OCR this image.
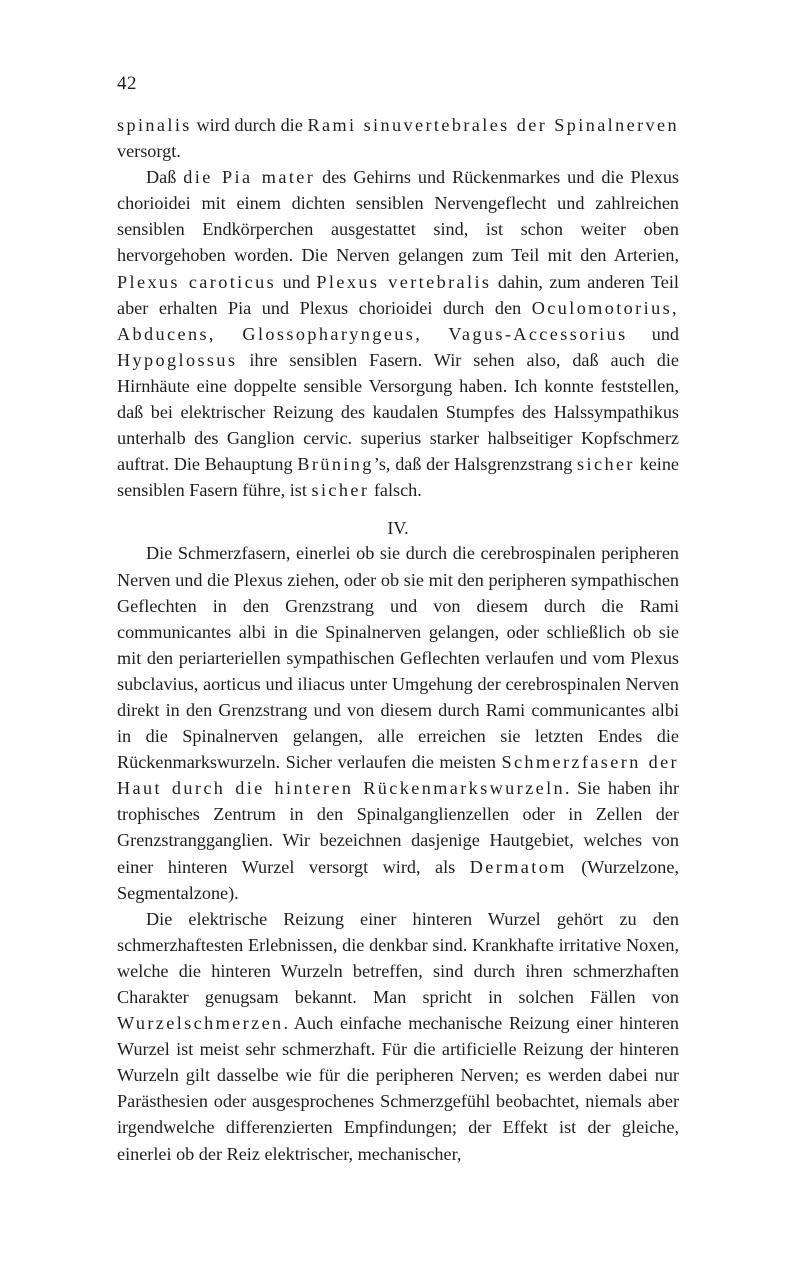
42

spinalis wird durch die Rami sinuvertebrales der Spinalnerven versorgt.

Daß die Pia mater des Gehirns und Rückenmarkes und die Plexus chorioidei mit einem dichten sensiblen Nervengeflecht und zahlreichen sensiblen Endkörperchen ausgestattet sind, ist schon weiter oben hervorgehoben worden. Die Nerven gelangen zum Teil mit den Arterien, Plexus caroticus und Plexus vertebralis dahin, zum anderen Teil aber erhalten Pia und Plexus chorioidei durch den Oculomotorius, Abducens, Glossopharyngeus, Vagus-Accessorius und Hypoglossus ihre sensiblen Fasern. Wir sehen also, daß auch die Hirnhäute eine doppelte sensible Versorgung haben. Ich konnte feststellen, daß bei elektrischer Reizung des kaudalen Stumpfes des Halssympathikus unterhalb des Ganglion cervic. superius starker halbseitiger Kopfschmerz auftrat. Die Behauptung Brüning’s, daß der Halsgrenzstrang sicher keine sensiblen Fasern führe, ist sicher falsch.

IV.

Die Schmerzfasern, einerlei ob sie durch die cerebrospinalen peripheren Nerven und die Plexus ziehen, oder ob sie mit den peripheren sympathischen Geflechten in den Grenzstrang und von diesem durch die Rami communicantes albi in die Spinalnerven gelangen, oder schließlich ob sie mit den periarteriellen sympathischen Geflechten verlaufen und vom Plexus subclavius, aorticus und iliacus unter Umgehung der cerebrospinalen Nerven direkt in den Grenzstrang und von diesem durch Rami communicantes albi in die Spinalnerven gelangen, alle erreichen sie letzten Endes die Rückenmarkswurzeln. Sicher verlaufen die meisten Schmerzfasern der Haut durch die hinteren Rückenmarkswurzeln. Sie haben ihr trophisches Zentrum in den Spinalganglienzellen oder in Zellen der Grenzstrangganglien. Wir bezeichnen dasjenige Hautgebiet, welches von einer hinteren Wurzel versorgt wird, als Dermatom (Wurzelzone, Segmentalzone).

Die elektrische Reizung einer hinteren Wurzel gehört zu den schmerzhaftesten Erlebnissen, die denkbar sind. Krankhafte irritative Noxen, welche die hinteren Wurzeln betreffen, sind durch ihren schmerzhaften Charakter genugsam bekannt. Man spricht in solchen Fällen von Wurzelschmerzen. Auch einfache mechanische Reizung einer hinteren Wurzel ist meist sehr schmerzhaft. Für die artificielle Reizung der hinteren Wurzeln gilt dasselbe wie für die peripheren Nerven; es werden dabei nur Parästhesien oder ausgesprochenes Schmerzgefühl beobachtet, niemals aber irgendwelche differenzierten Empfindungen; der Effekt ist der gleiche, einerlei ob der Reiz elektrischer, mechanischer,
